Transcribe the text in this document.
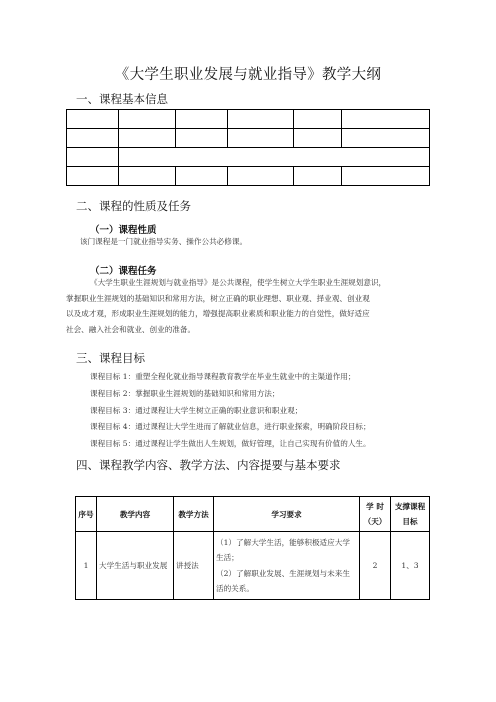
《大学生职业发展与就业指导》教学大纲
一、课程基本信息

二、课程的性质及任务
（一）课程性质
该门课程是一门就业指导实务、操作公共必修课。
（二）课程任务
《大学生职业生涯规划与就业指导》是公共课程，使学生树立大学生职业生涯规划意识，
掌握职业生涯规划的基础知识和常用方法，树立正确的职业理想、职业观、择业观、创业观
以及成才观，形成职业生涯规划的能力，增强提高职业素质和职业能力的自觉性，做好适应
社会、融入社会和就业、创业的准备。
三、课程目标
课程目标 1：重塑全程化就业指导课程教育教学在毕业生就业中的主渠道作用；
课程目标 2：掌握职业生涯规划的基础知识和常用方法；
课程目标 3：通过课程让大学生树立正确的职业意识和职业观；
课程目标 4：通过课程让大学生进而了解就业信息，进行职业探索，明确阶段目标；
课程目标 5：通过课程让学生做出人生规划，做好管理，让自己实现有价值的人生。
四、课程教学内容、教学方法、内容提要与基本要求
序号	教学内容	教学方法	学习要求	学 时（天）	支撑课程目标
1	大学生活与职业发展	讲授法	（1）了解大学生活，能够积极适应大学生活；
（2）了解职业发展、生涯规划与未来生活的关系。	2	1、3
